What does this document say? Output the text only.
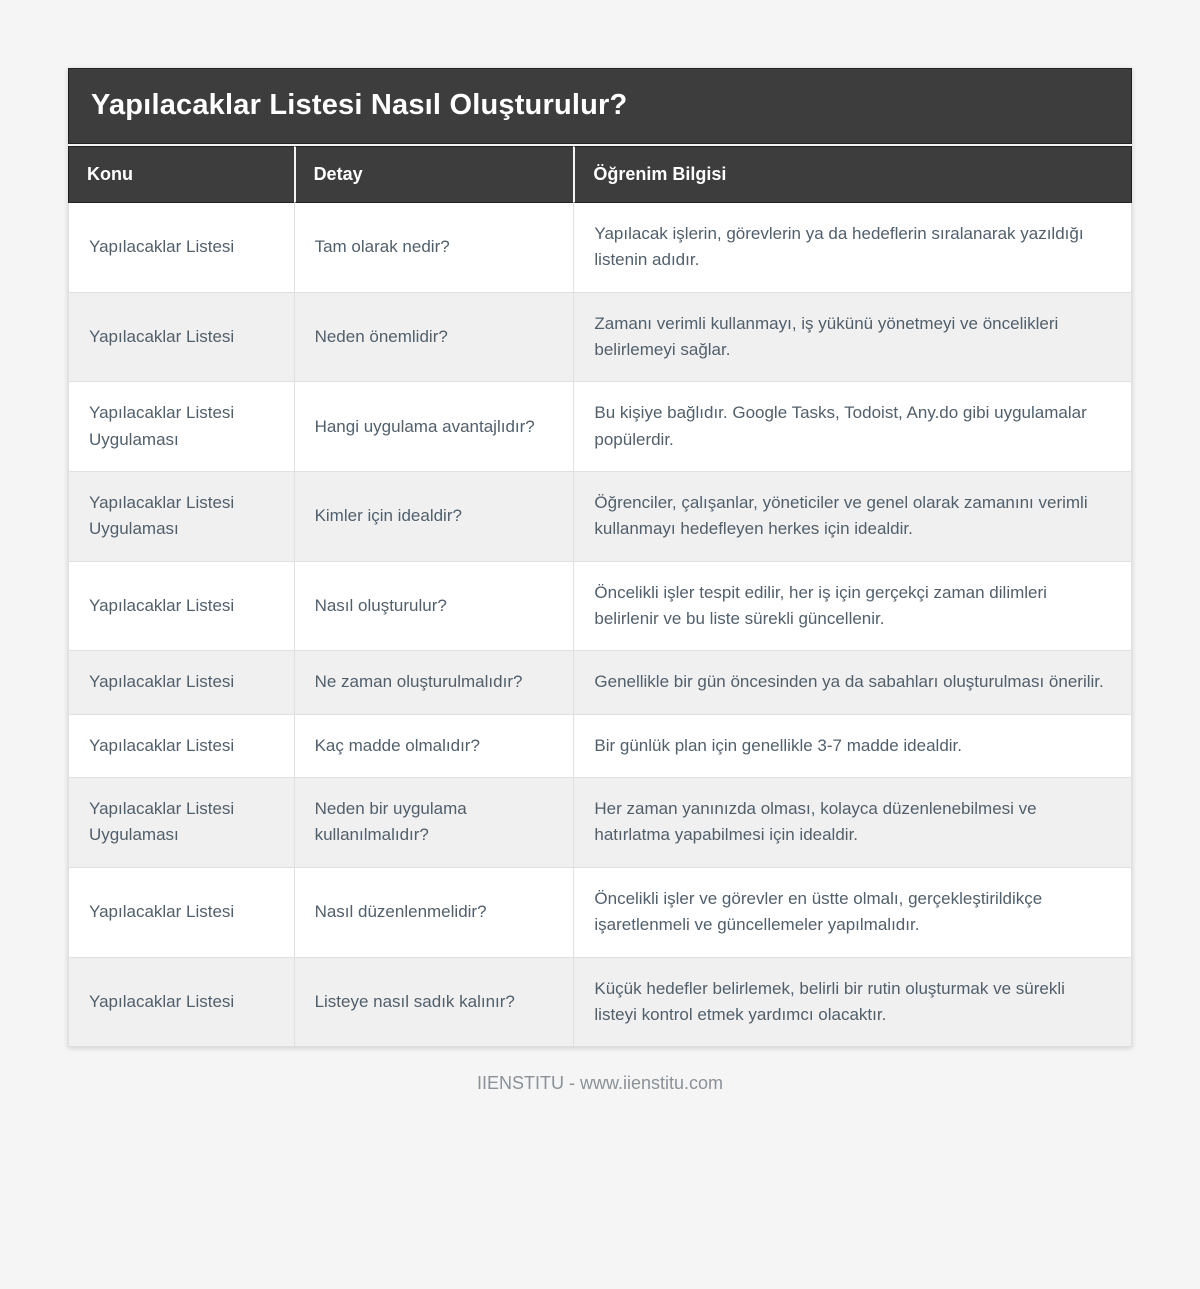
Yapılacaklar Listesi Nasıl Oluşturulur?
Konu	Detay	Öğrenim Bilgisi
Yapılacaklar Listesi	Tam olarak nedir?	Yapılacak işlerin, görevlerin ya da hedeflerin sıralanarak yazıldığı listenin adıdır.
Yapılacaklar Listesi	Neden önemlidir?	Zamanı verimli kullanmayı, iş yükünü yönetmeyi ve öncelikleri belirlemeyi sağlar.
Yapılacaklar Listesi Uygulaması	Hangi uygulama avantajlıdır?	Bu kişiye bağlıdır. Google Tasks, Todoist, Any.do gibi uygulamalar popülerdir.
Yapılacaklar Listesi Uygulaması	Kimler için idealdir?	Öğrenciler, çalışanlar, yöneticiler ve genel olarak zamanını verimli kullanmayı hedefleyen herkes için idealdir.
Yapılacaklar Listesi	Nasıl oluşturulur?	Öncelikli işler tespit edilir, her iş için gerçekçi zaman dilimleri belirlenir ve bu liste sürekli güncellenir.
Yapılacaklar Listesi	Ne zaman oluşturulmalıdır?	Genellikle bir gün öncesinden ya da sabahları oluşturulması önerilir.
Yapılacaklar Listesi	Kaç madde olmalıdır?	Bir günlük plan için genellikle 3-7 madde idealdir.
Yapılacaklar Listesi Uygulaması	Neden bir uygulama kullanılmalıdır?	Her zaman yanınızda olması, kolayca düzenlenebilmesi ve hatırlatma yapabilmesi için idealdir.
Yapılacaklar Listesi	Nasıl düzenlenmelidir?	Öncelikli işler ve görevler en üstte olmalı, gerçekleştirildikçe işaretlenmeli ve güncellemeler yapılmalıdır.
Yapılacaklar Listesi	Listeye nasıl sadık kalınır?	Küçük hedefler belirlemek, belirli bir rutin oluşturmak ve sürekli listeyi kontrol etmek yardımcı olacaktır.
IIENSTITU - www.iienstitu.com
